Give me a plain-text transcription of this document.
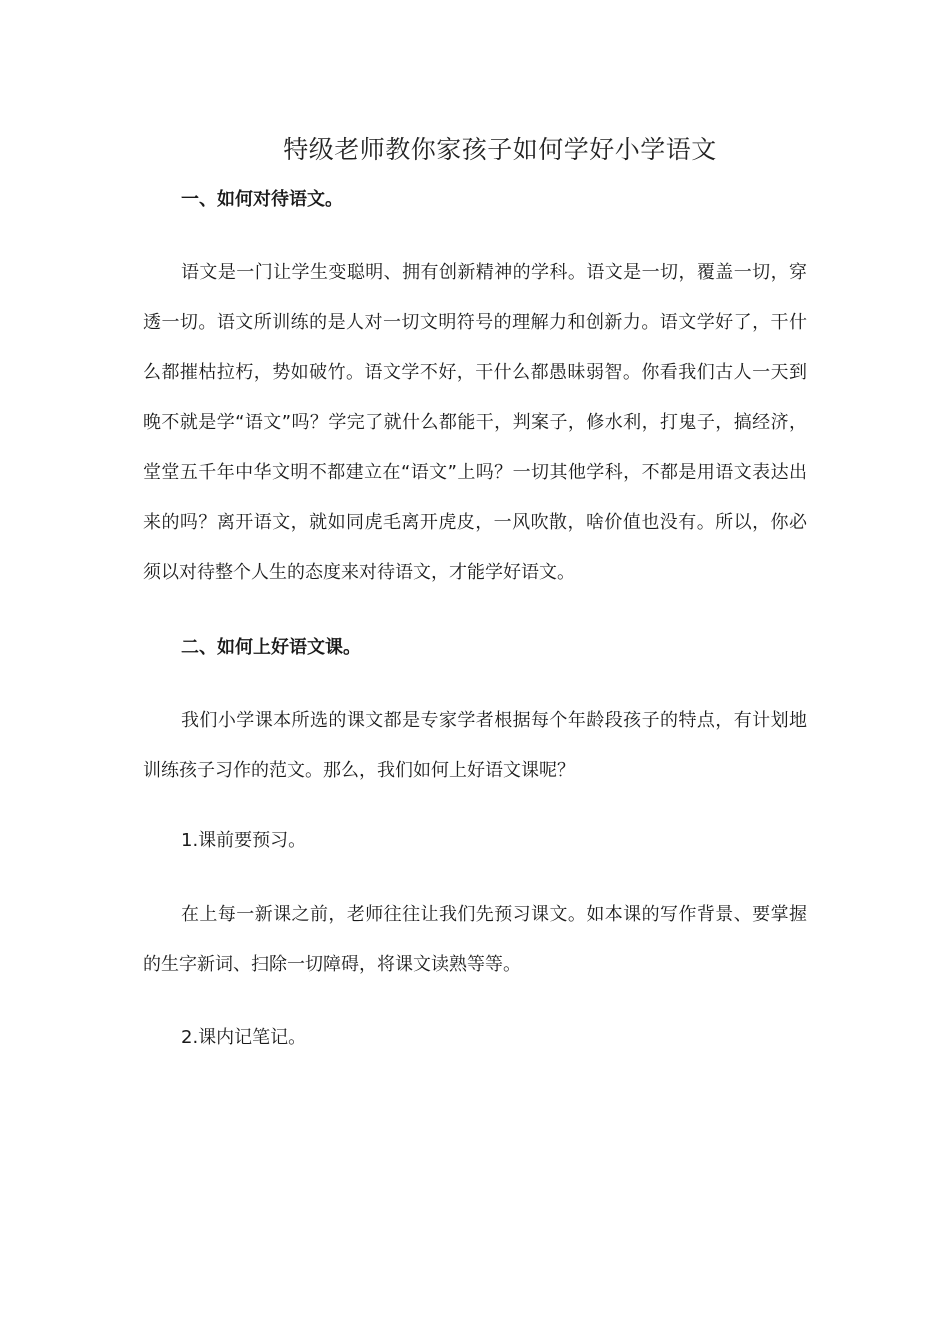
特级老师教你家孩子如何学好小学语文
一、如何对待语文。

语文是一门让学生变聪明、拥有创新精神的学科。语文是一切，覆盖一切，穿透一切。语文所训练的是人对一切文明符号的理解力和创新力。语文学好了，干什么都摧枯拉朽，势如破竹。语文学不好，干什么都愚昧弱智。你看我们古人一天到晚不就是学“语文”吗？学完了就什么都能干，判案子，修水利，打鬼子，搞经济，堂堂五千年中华文明不都建立在“语文”上吗？一切其他学科，不都是用语文表达出来的吗？离开语文，就如同虎毛离开虎皮，一风吹散，啥价值也没有。所以，你必须以对待整个人生的态度来对待语文，才能学好语文。

二、如何上好语文课。

我们小学课本所选的课文都是专家学者根据每个年龄段孩子的特点，有计划地训练孩子习作的范文。那么，我们如何上好语文课呢？

1.课前要预习。

在上每一新课之前，老师往往让我们先预习课文。如本课的写作背景、要掌握的生字新词、扫除一切障碍，将课文读熟等等。

2.课内记笔记。
